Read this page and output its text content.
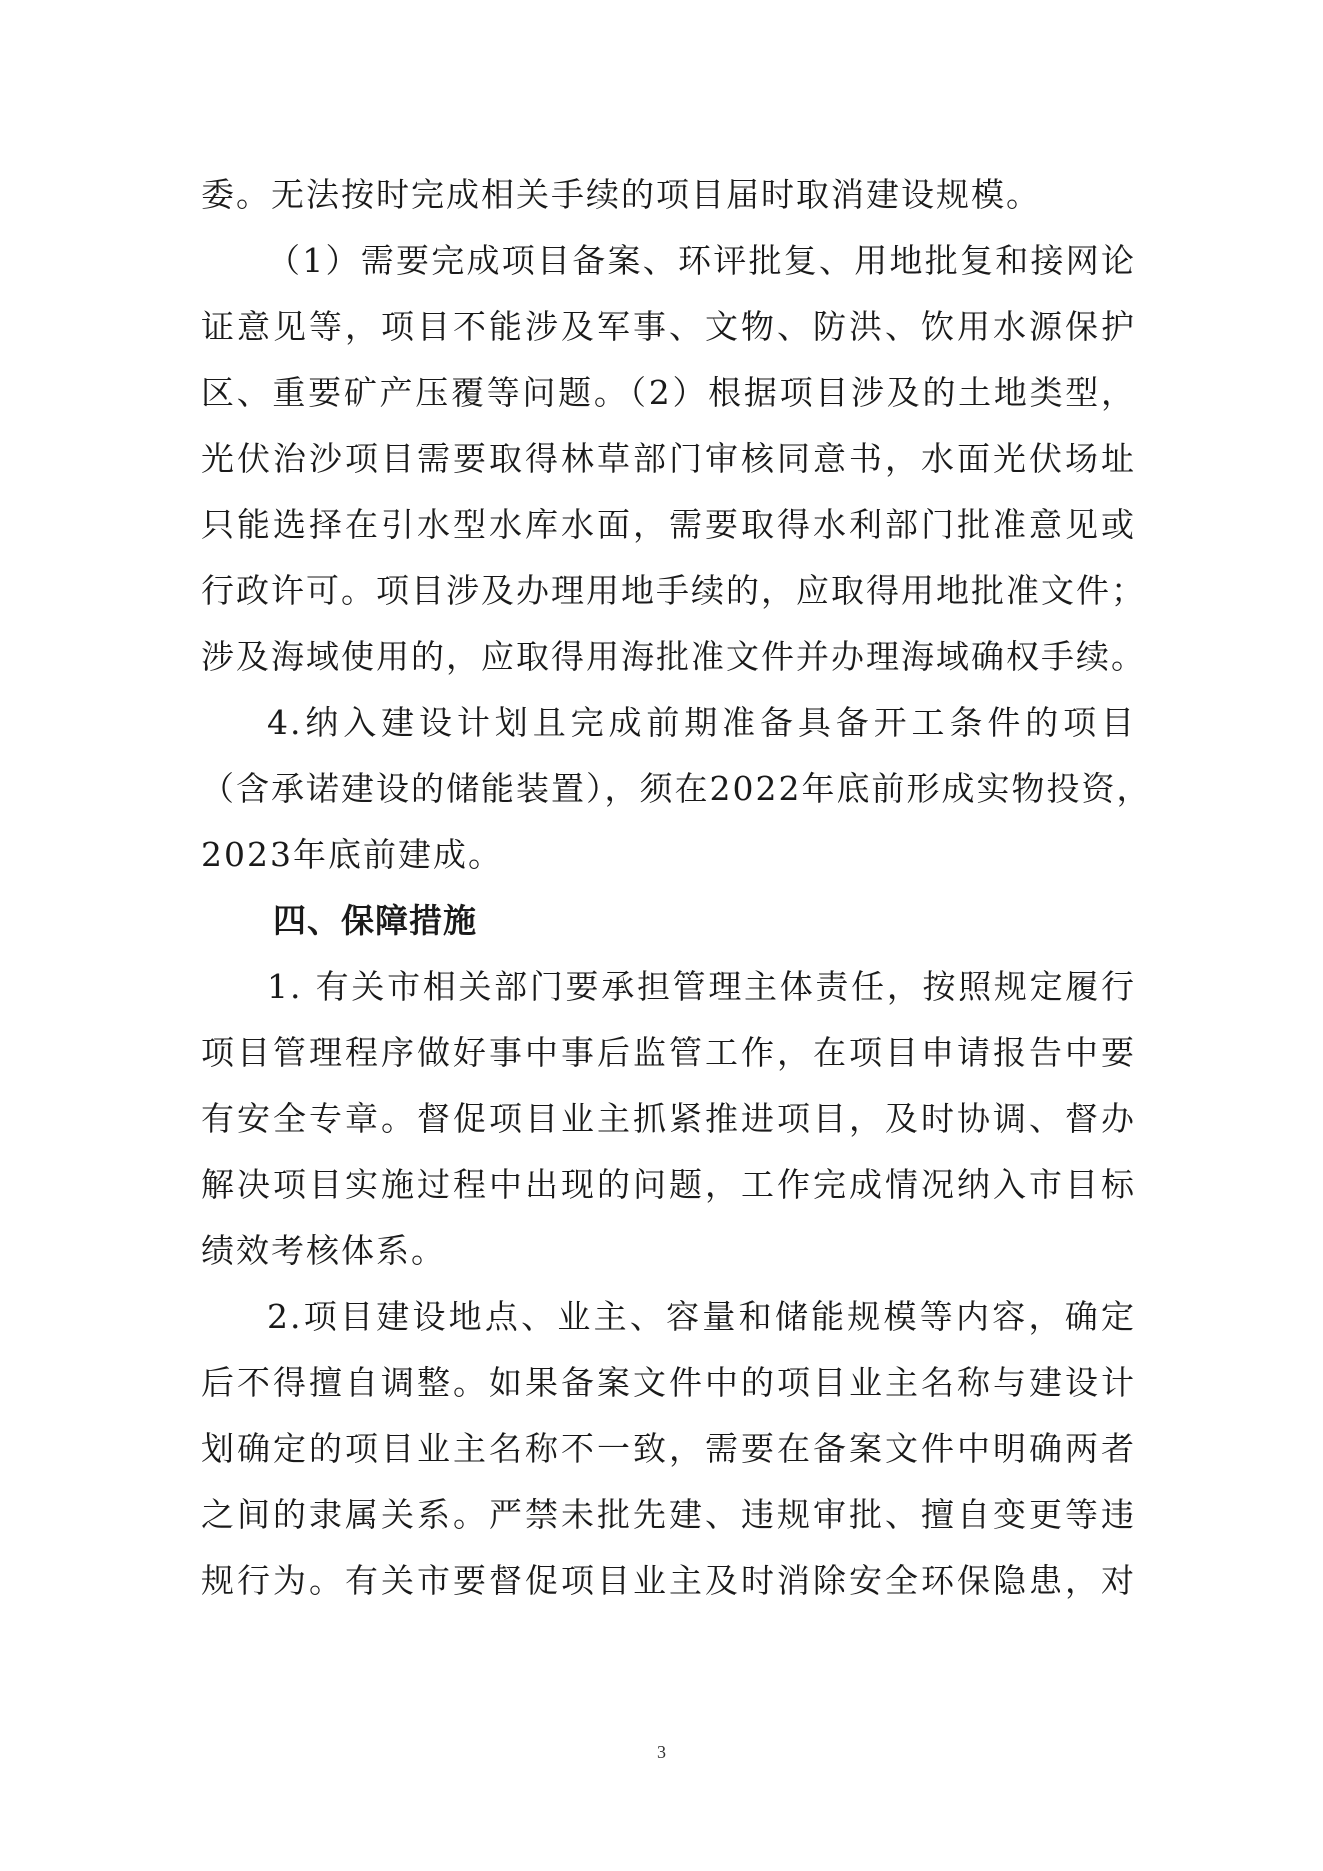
委。无法按时完成相关手续的项目届时取消建设规模。

（1）需要完成项目备案、环评批复、用地批复和接网论
证意见等，项目不能涉及军事、文物、防洪、饮用水源保护
区、重要矿产压覆等问题。（2）根据项目涉及的土地类型，
光伏治沙项目需要取得林草部门审核同意书，水面光伏场址
只能选择在引水型水库水面，需要取得水利部门批准意见或
行政许可。项目涉及办理用地手续的，应取得用地批准文件；
涉及海域使用的，应取得用海批准文件并办理海域确权手续。

4.纳入建设计划且完成前期准备具备开工条件的项目
（含承诺建设的储能装置），须在2022年底前形成实物投资，
2023年底前建成。

四、保障措施

1. 有关市相关部门要承担管理主体责任，按照规定履行
项目管理程序做好事中事后监管工作，在项目申请报告中要
有安全专章。督促项目业主抓紧推进项目，及时协调、督办
解决项目实施过程中出现的问题，工作完成情况纳入市目标
绩效考核体系。

2.项目建设地点、业主、容量和储能规模等内容，确定
后不得擅自调整。如果备案文件中的项目业主名称与建设计
划确定的项目业主名称不一致，需要在备案文件中明确两者
之间的隶属关系。严禁未批先建、违规审批、擅自变更等违
规行为。有关市要督促项目业主及时消除安全环保隐患，对

3
